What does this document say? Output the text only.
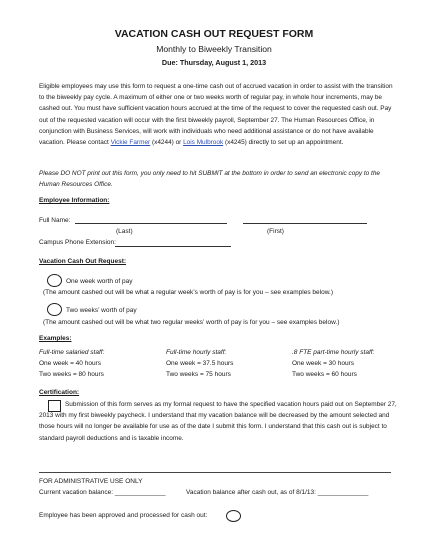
VACATION CASH OUT REQUEST FORM
Monthly to Biweekly Transition
Due: Thursday, August 1, 2013
Eligible employees may use this form to request a one-time cash out of accrued vacation in order to assist with the transition to the biweekly pay cycle. A maximum of either one or two weeks worth of regular pay, in whole hour increments, may be cashed out. You must have sufficient vacation hours accrued at the time of the request to cover the requested cash out. Pay out of the requested vacation will occur with the first biweekly payroll, September 27. The Human Resources Office, in conjunction with Business Services, will work with individuals who need additional assistance or do not have available vacation. Please contact Vickie Farmer (x4244) or Lois Mulbrook (x4245) directly to set up an appointment.
Please DO NOT print out this form, you only need to hit SUBMIT at the bottom in order to send an electronic copy to the Human Resources Office.
Employee Information:
Full Name:
(Last)	(First)
Campus Phone Extension:
Vacation Cash Out Request:
One week worth of pay
(The amount cashed out will be what a regular week’s worth of pay is for you – see examples below.)
Two weeks’ worth of pay
(The amount cashed out will be what two regular weeks’ worth of pay is for you – see examples below.)
Examples:
Full-time salaried staff:
One week = 40 hours
Two weeks = 80 hours
Full-time hourly staff:
One week = 37.5 hours
Two weeks = 75 hours
.8 FTE part-time hourly staff:
One week = 30 hours
Two weeks = 60 hours
Certification:
Submission of this form serves as my formal request to have the specified vacation hours paid out on September 27, 2013 with my first biweekly paycheck. I understand that my vacation balance will be decreased by the amount selected and those hours will no longer be available for use as of the date I submit this form. I understand that this cash out is subject to standard payroll deductions and is taxable income.
FOR ADMINISTRATIVE USE ONLY
Current vacation balance: ______________	Vacation balance after cash out, as of 8/1/13: ______________
Employee has been approved and processed for cash out:
